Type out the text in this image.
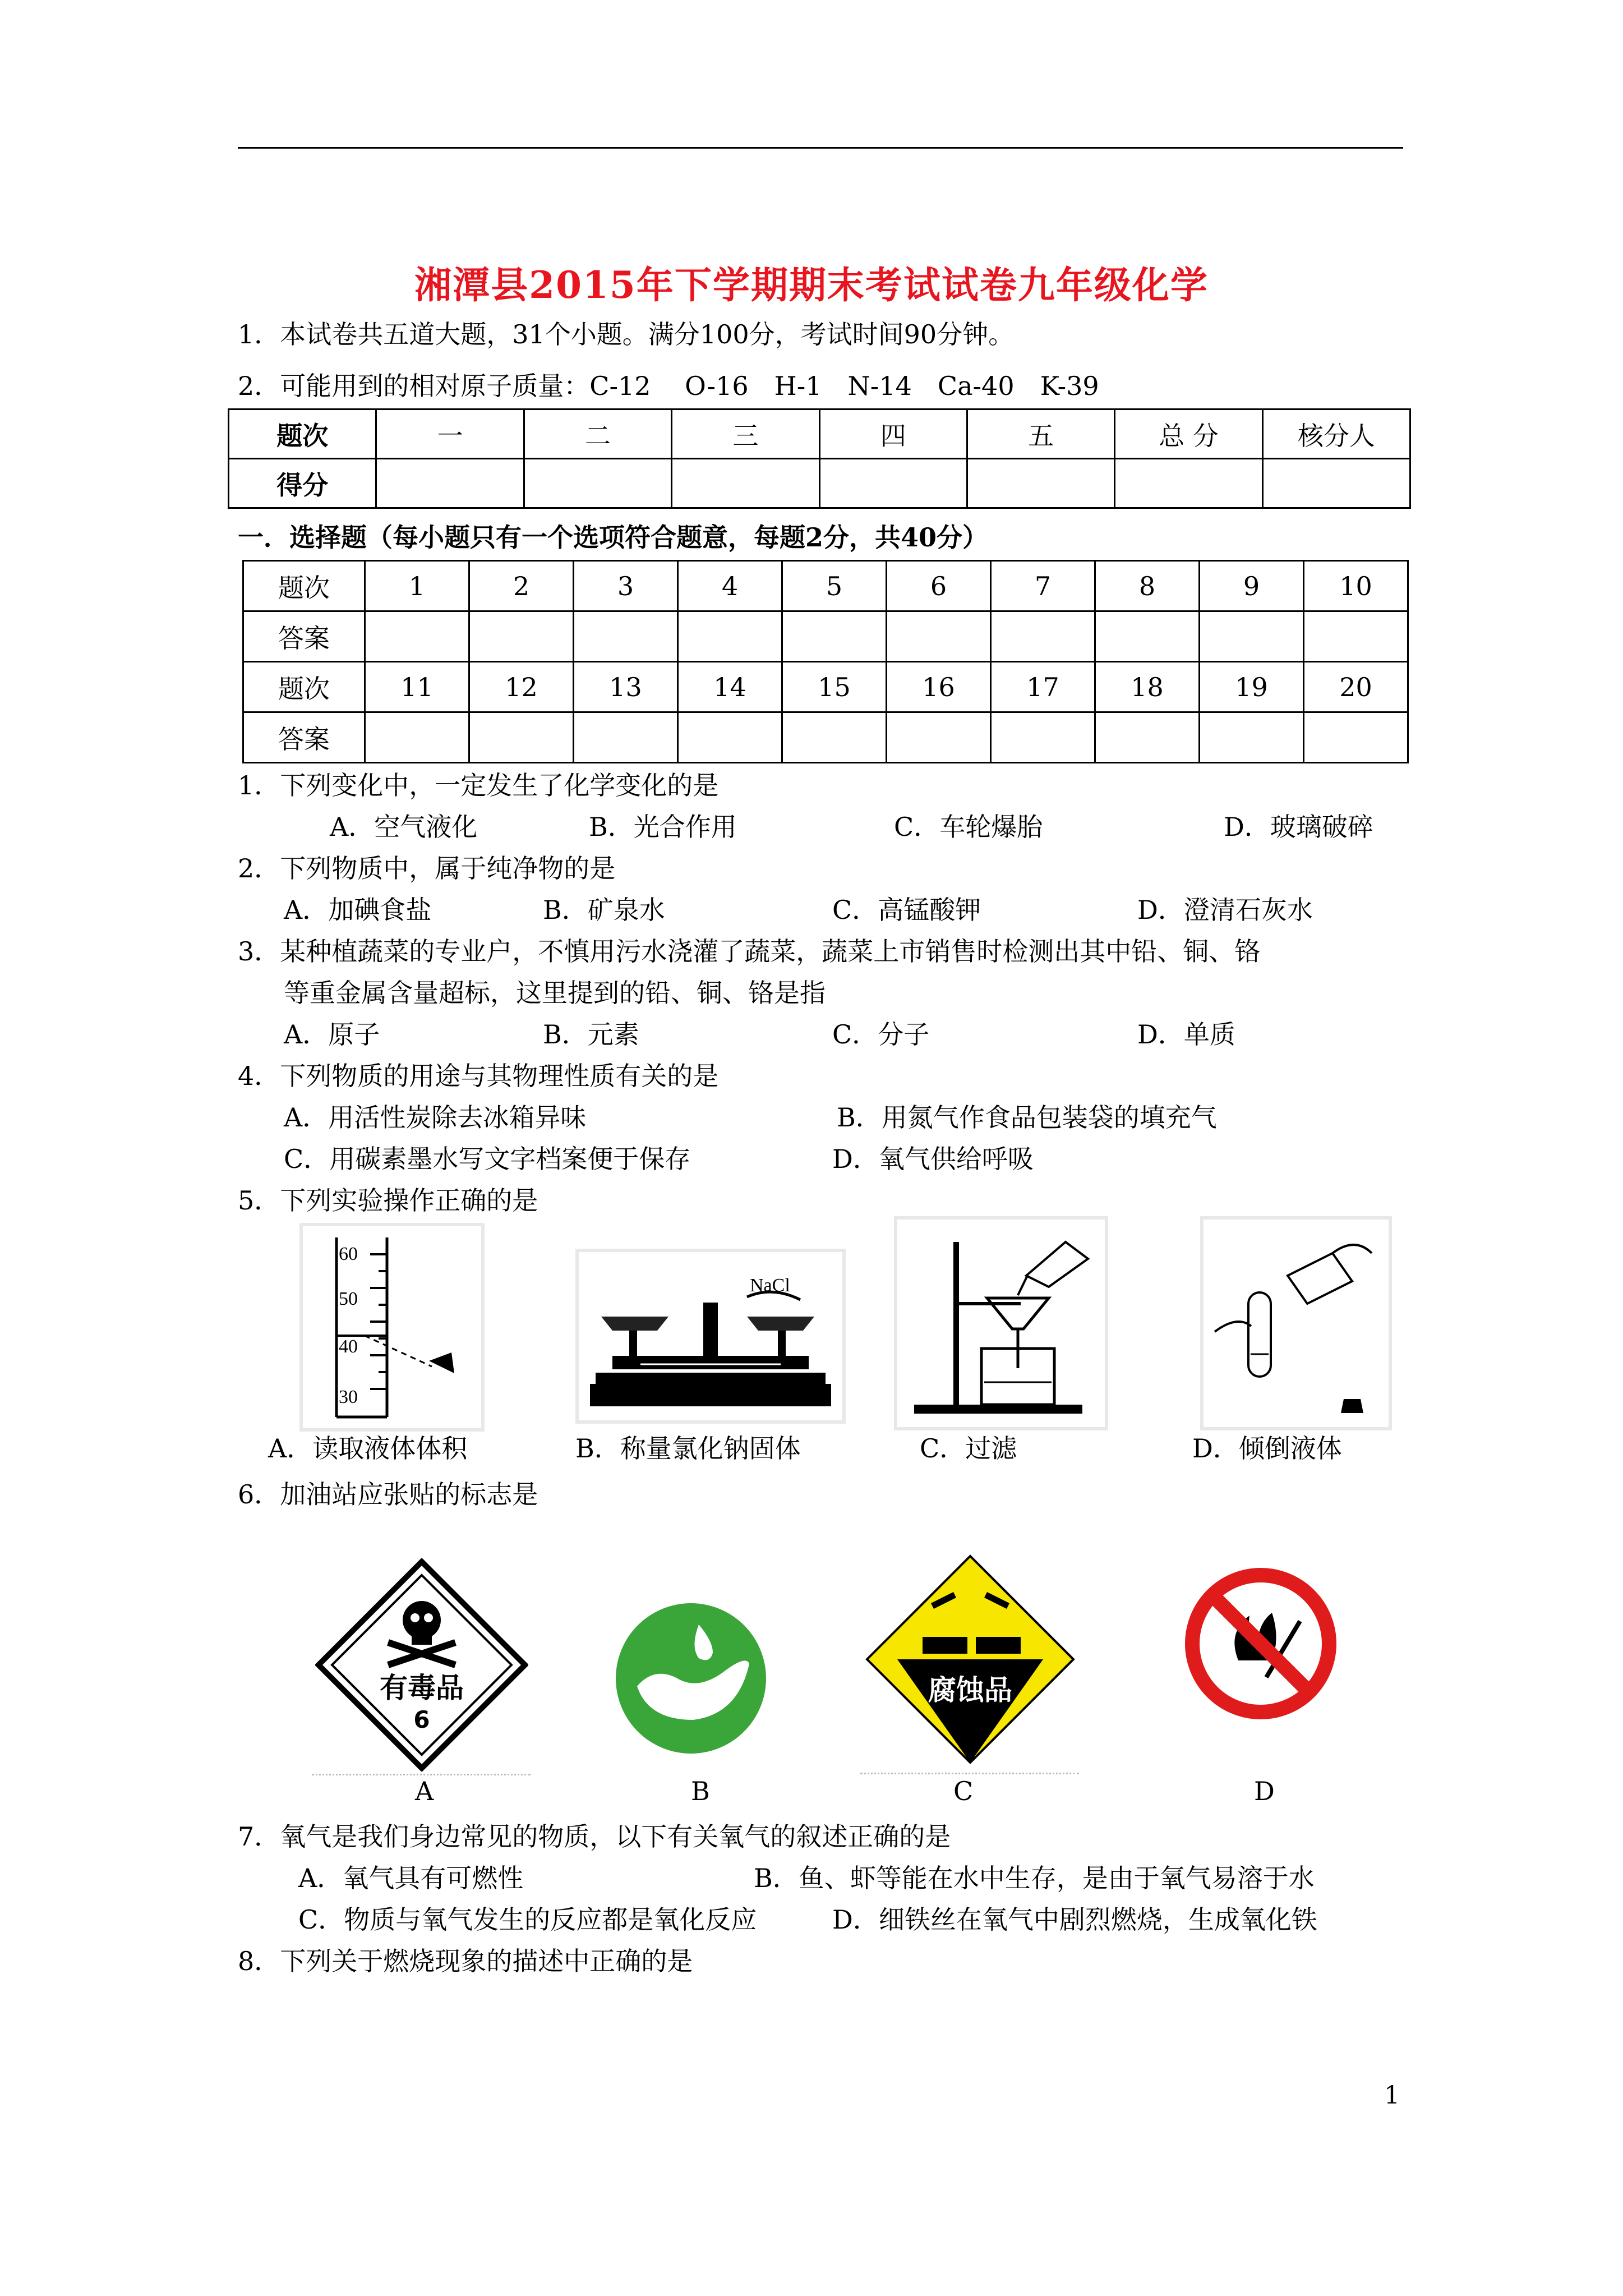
湘潭县2015年下学期期末考试试卷九年级化学
1．本试卷共五道大题，31个小题。满分100分，考试时间90分钟。
2．可能用到的相对原子质量：C-12　 O-16　H-1　N-14　Ca-40　K-39
题次	一	二	三	四	五	总 分	核分人
得分							
一．选择题（每小题只有一个选项符合题意，每题2分，共40分）
题次	1	2	3	4	5	6	7	8	9	10
答案										
题次	11	12	13	14	15	16	17	18	19	20
答案										
1．下列变化中，一定发生了化学变化的是
A．空气液化	B．光合作用	C．车轮爆胎	D．玻璃破碎
2．下列物质中，属于纯净物的是
A．加碘食盐	B．矿泉水	C．高锰酸钾	D．澄清石灰水
3．某种植蔬菜的专业户，不慎用污水浇灌了蔬菜，蔬菜上市销售时检测出其中铅、铜、铬
等重金属含量超标，这里提到的铅、铜、铬是指
A．原子	B．元素	C．分子	D．单质
4．下列物质的用途与其物理性质有关的是
A．用活性炭除去冰箱异味	B．用氮气作食品包装袋的填充气
C．用碳素墨水写文字档案便于保存	D．氧气供给呼吸
5．下列实验操作正确的是
60
50
40
30
NaCl
A．读取液体体积	B．称量氯化钠固体	C．过滤	D．倾倒液体
6．加油站应张贴的标志是
有毒品
6
腐蚀品
A	B	C	D
7．氧气是我们身边常见的物质，以下有关氧气的叙述正确的是
A．氧气具有可燃性	B．鱼、虾等能在水中生存，是由于氧气易溶于水
C．物质与氧气发生的反应都是氧化反应	D．细铁丝在氧气中剧烈燃烧，生成氧化铁
8．下列关于燃烧现象的描述中正确的是
1
